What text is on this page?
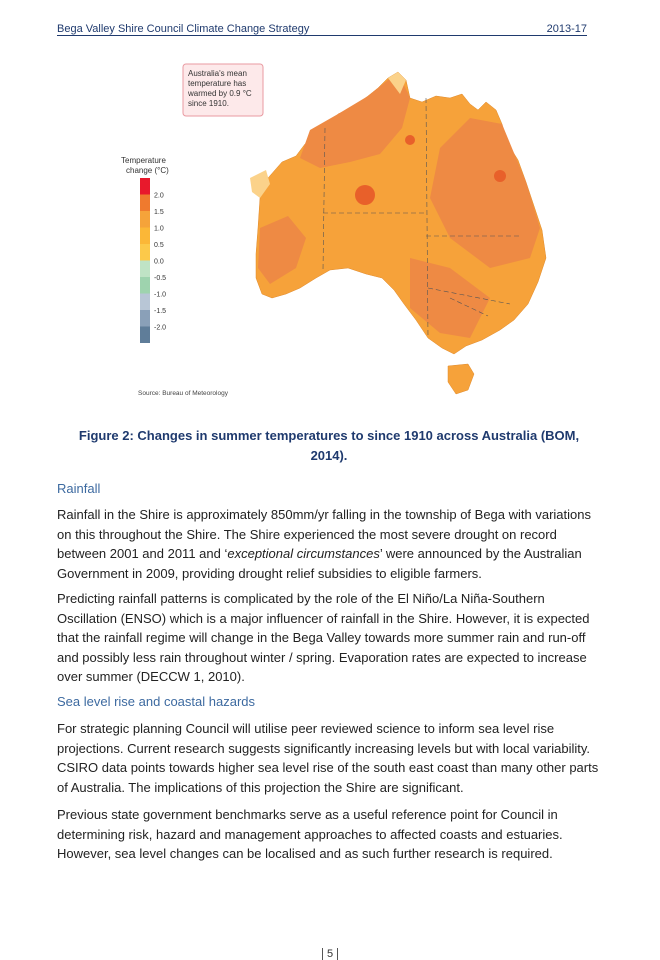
Bega Valley Shire Council Climate Change Strategy	2013-17
Australia's mean
temperature has
warmed by 0.9 °C
since 1910.
Temperature
change (°C)
2.0
1.5
1.0
0.5
0.0
-0.5
-1.0
-1.5
-2.0
Source: Bureau of Meteorology
Figure 2: Changes in summer temperatures to since 1910 across Australia (BOM,
2014).
Rainfall
Rainfall in the Shire is approximately 850mm/yr falling in the township of Bega with variations on this throughout the Shire. The Shire experienced the most severe drought on record between 2001 and 2011 and ‘exceptional circumstances’ were announced by the Australian Government in 2009, providing drought relief subsidies to eligible farmers.
Predicting rainfall patterns is complicated by the role of the El Niño/La Niña-Southern Oscillation (ENSO) which is a major influencer of rainfall in the Shire. However, it is expected that the rainfall regime will change in the Bega Valley towards more summer rain and run-off and possibly less rain throughout winter / spring. Evaporation rates are expected to increase over summer (DECCW 1, 2010).
Sea level rise and coastal hazards
For strategic planning Council will utilise peer reviewed science to inform sea level rise projections. Current research suggests significantly increasing levels but with local variability. CSIRO data points towards higher sea level rise of the south east coast than many other parts of Australia. The implications of this projection the Shire are significant.
Previous state government benchmarks serve as a useful reference point for Council in determining risk, hazard and management approaches to affected coasts and estuaries. However, sea level changes can be localised and as such further research is required.
5
